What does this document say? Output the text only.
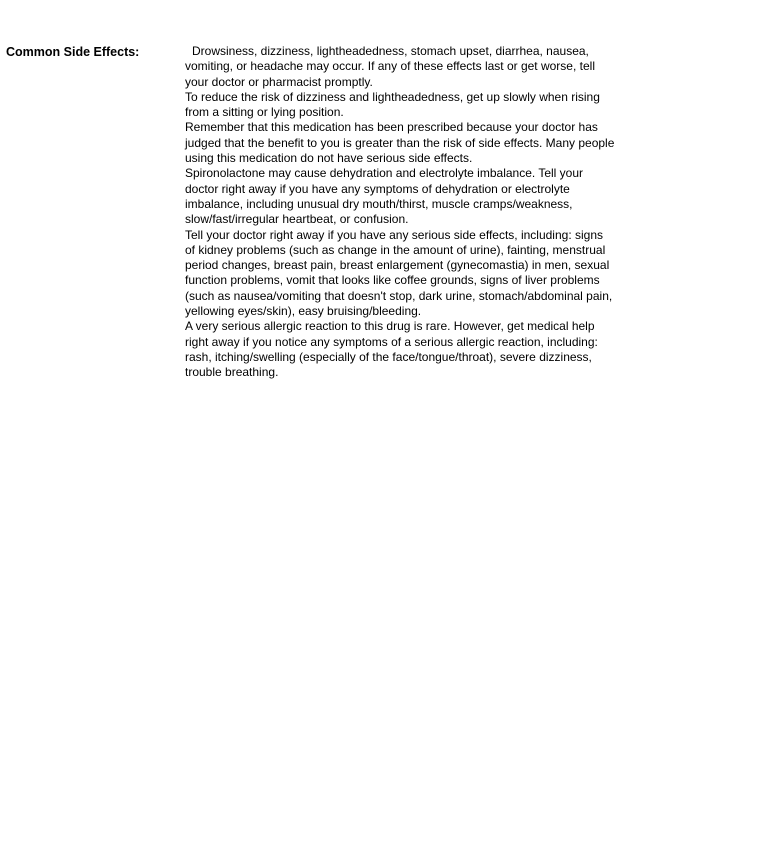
Common Side Effects:	Drowsiness, dizziness, lightheadedness, stomach upset, diarrhea, nausea, vomiting, or headache may occur. If any of these effects last or get worse, tell your doctor or pharmacist promptly.

To reduce the risk of dizziness and lightheadedness, get up slowly when rising from a sitting or lying position.

Remember that this medication has been prescribed because your doctor has judged that the benefit to you is greater than the risk of side effects. Many people using this medication do not have serious side effects.

Spironolactone may cause dehydration and electrolyte imbalance. Tell your doctor right away if you have any symptoms of dehydration or electrolyte imbalance, including unusual dry mouth/thirst, muscle cramps/weakness, slow/fast/irregular heartbeat, or confusion.

Tell your doctor right away if you have any serious side effects, including: signs of kidney problems (such as change in the amount of urine), fainting, menstrual period changes, breast pain, breast enlargement (gynecomastia) in men, sexual function problems, vomit that looks like coffee grounds, signs of liver problems (such as nausea/vomiting that doesn't stop, dark urine, stomach/abdominal pain, yellowing eyes/skin), easy bruising/bleeding.

A very serious allergic reaction to this drug is rare. However, get medical help right away if you notice any symptoms of a serious allergic reaction, including: rash, itching/swelling (especially of the face/tongue/throat), severe dizziness, trouble breathing.
